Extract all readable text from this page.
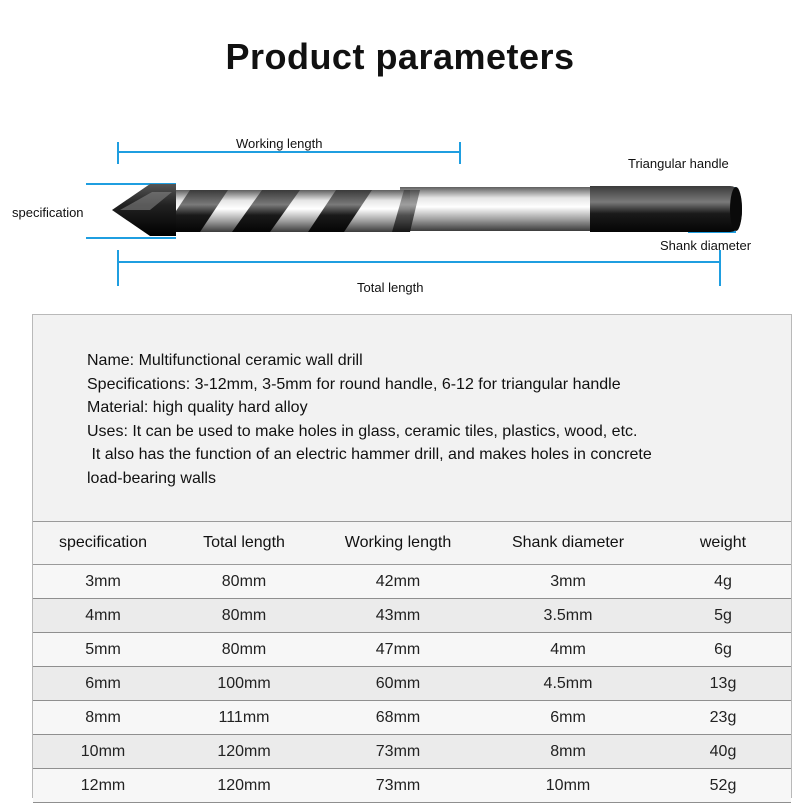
Product parameters
Working length
Triangular handle
specification
Shank diameter
Total length
Name: Multifunctional ceramic wall drill
Specifications: 3-12mm, 3-5mm for round handle, 6-12 for triangular handle
Material: high quality hard alloy
Uses: It can be used to make holes in glass, ceramic tiles, plastics, wood, etc.
It also has the function of an electric hammer drill, and makes holes in concrete
load-bearing walls
specification	Total length	Working length	Shank diameter	weight
3mm	80mm	42mm	3mm	4g
4mm	80mm	43mm	3.5mm	5g
5mm	80mm	47mm	4mm	6g
6mm	100mm	60mm	4.5mm	13g
8mm	111mm	68mm	6mm	23g
10mm	120mm	73mm	8mm	40g
12mm	120mm	73mm	10mm	52g
